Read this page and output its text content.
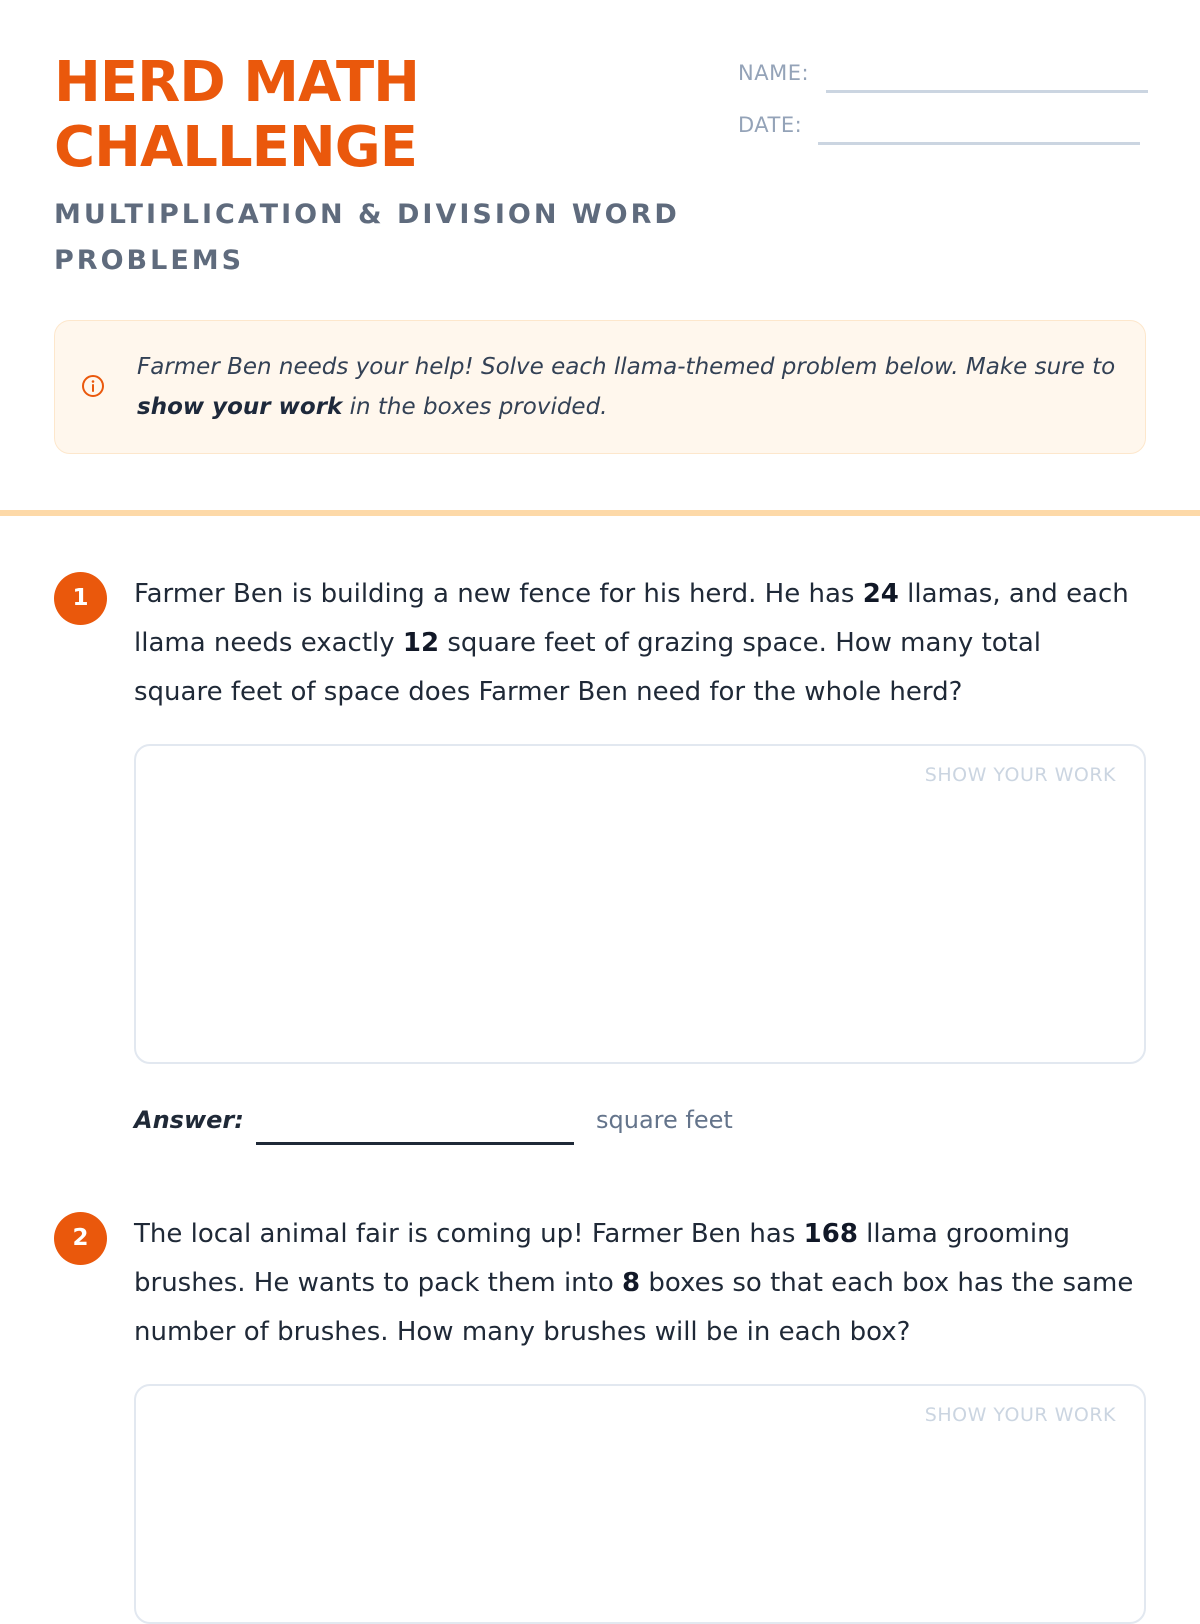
HERD MATH CHALLENGE
MULTIPLICATION & DIVISION WORD PROBLEMS
NAME:
DATE:

Farmer Ben needs your help! Solve each llama-themed problem below. Make sure to show your work in the boxes provided.

1	Farmer Ben is building a new fence for his herd. He has 24 llamas, and each llama needs exactly 12 square feet of grazing space. How many total square feet of space does Farmer Ben need for the whole herd?

SHOW YOUR WORK
Answer:	square feet
2	The local animal fair is coming up! Farmer Ben has 168 llama grooming brushes. He wants to pack them into 8 boxes so that each box has the same number of brushes. How many brushes will be in each box?

SHOW YOUR WORK
